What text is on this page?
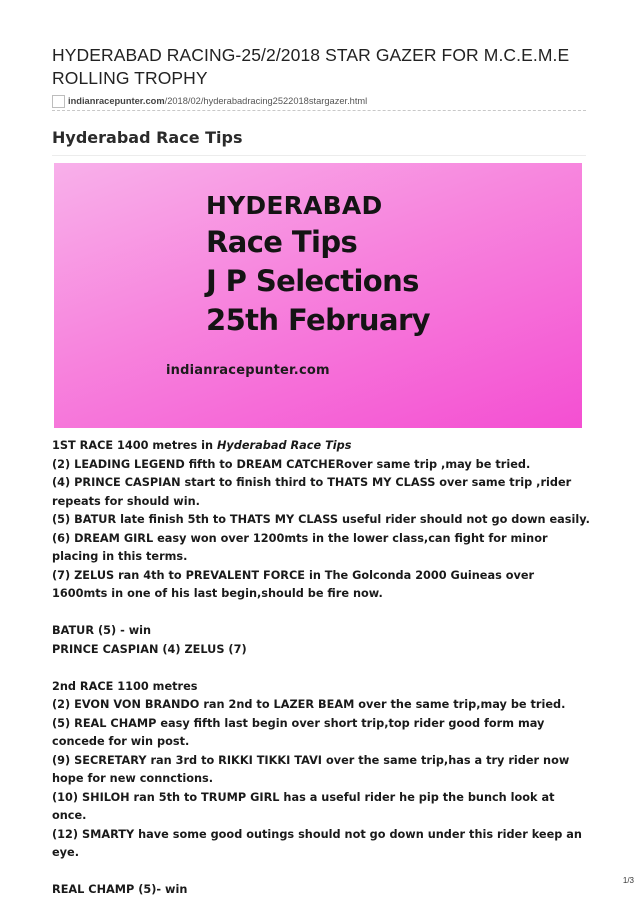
HYDERABAD RACING-25/2/2018 STAR GAZER FOR M.C.E.M.E ROLLING TROPHY
indianracepunter.com/2018/02/hyderabadracing2522018stargazer.html
Hyderabad Race Tips

HYDERABAD

Race Tips

J P Selections

25th February

indianracepunter.com

1ST RACE 1400 metres in Hyderabad Race Tips

(2) LEADING LEGEND fifth to DREAM CATCHERover same trip ,may be tried.

(4) PRINCE CASPIAN start to finish third to THATS MY CLASS over same trip ,rider repeats for should win.

(5) BATUR late finish 5th to THATS MY CLASS useful rider should not go down easily.

(6) DREAM GIRL easy won over 1200mts in the lower class,can fight for minor placing in this terms.

(7) ZELUS ran 4th to PREVALENT FORCE in The Golconda 2000 Guineas over 1600mts in one of his last begin,should be fire now.

BATUR (5) - win

PRINCE CASPIAN (4) ZELUS (7)

2nd RACE 1100 metres

(2) EVON VON BRANDO ran 2nd to LAZER BEAM over the same trip,may be tried.

(5) REAL CHAMP easy fifth last begin over short trip,top rider good form may concede for win post.

(9) SECRETARY ran 3rd to RIKKI TIKKI TAVI over the same trip,has a try rider now hope for new connctions.

(10) SHILOH ran 5th to TRUMP GIRL has a useful rider he pip the bunch look at once.

(12) SMARTY have some good outings should not go down under this rider keep an eye.

REAL CHAMP (5)- win

1/3
